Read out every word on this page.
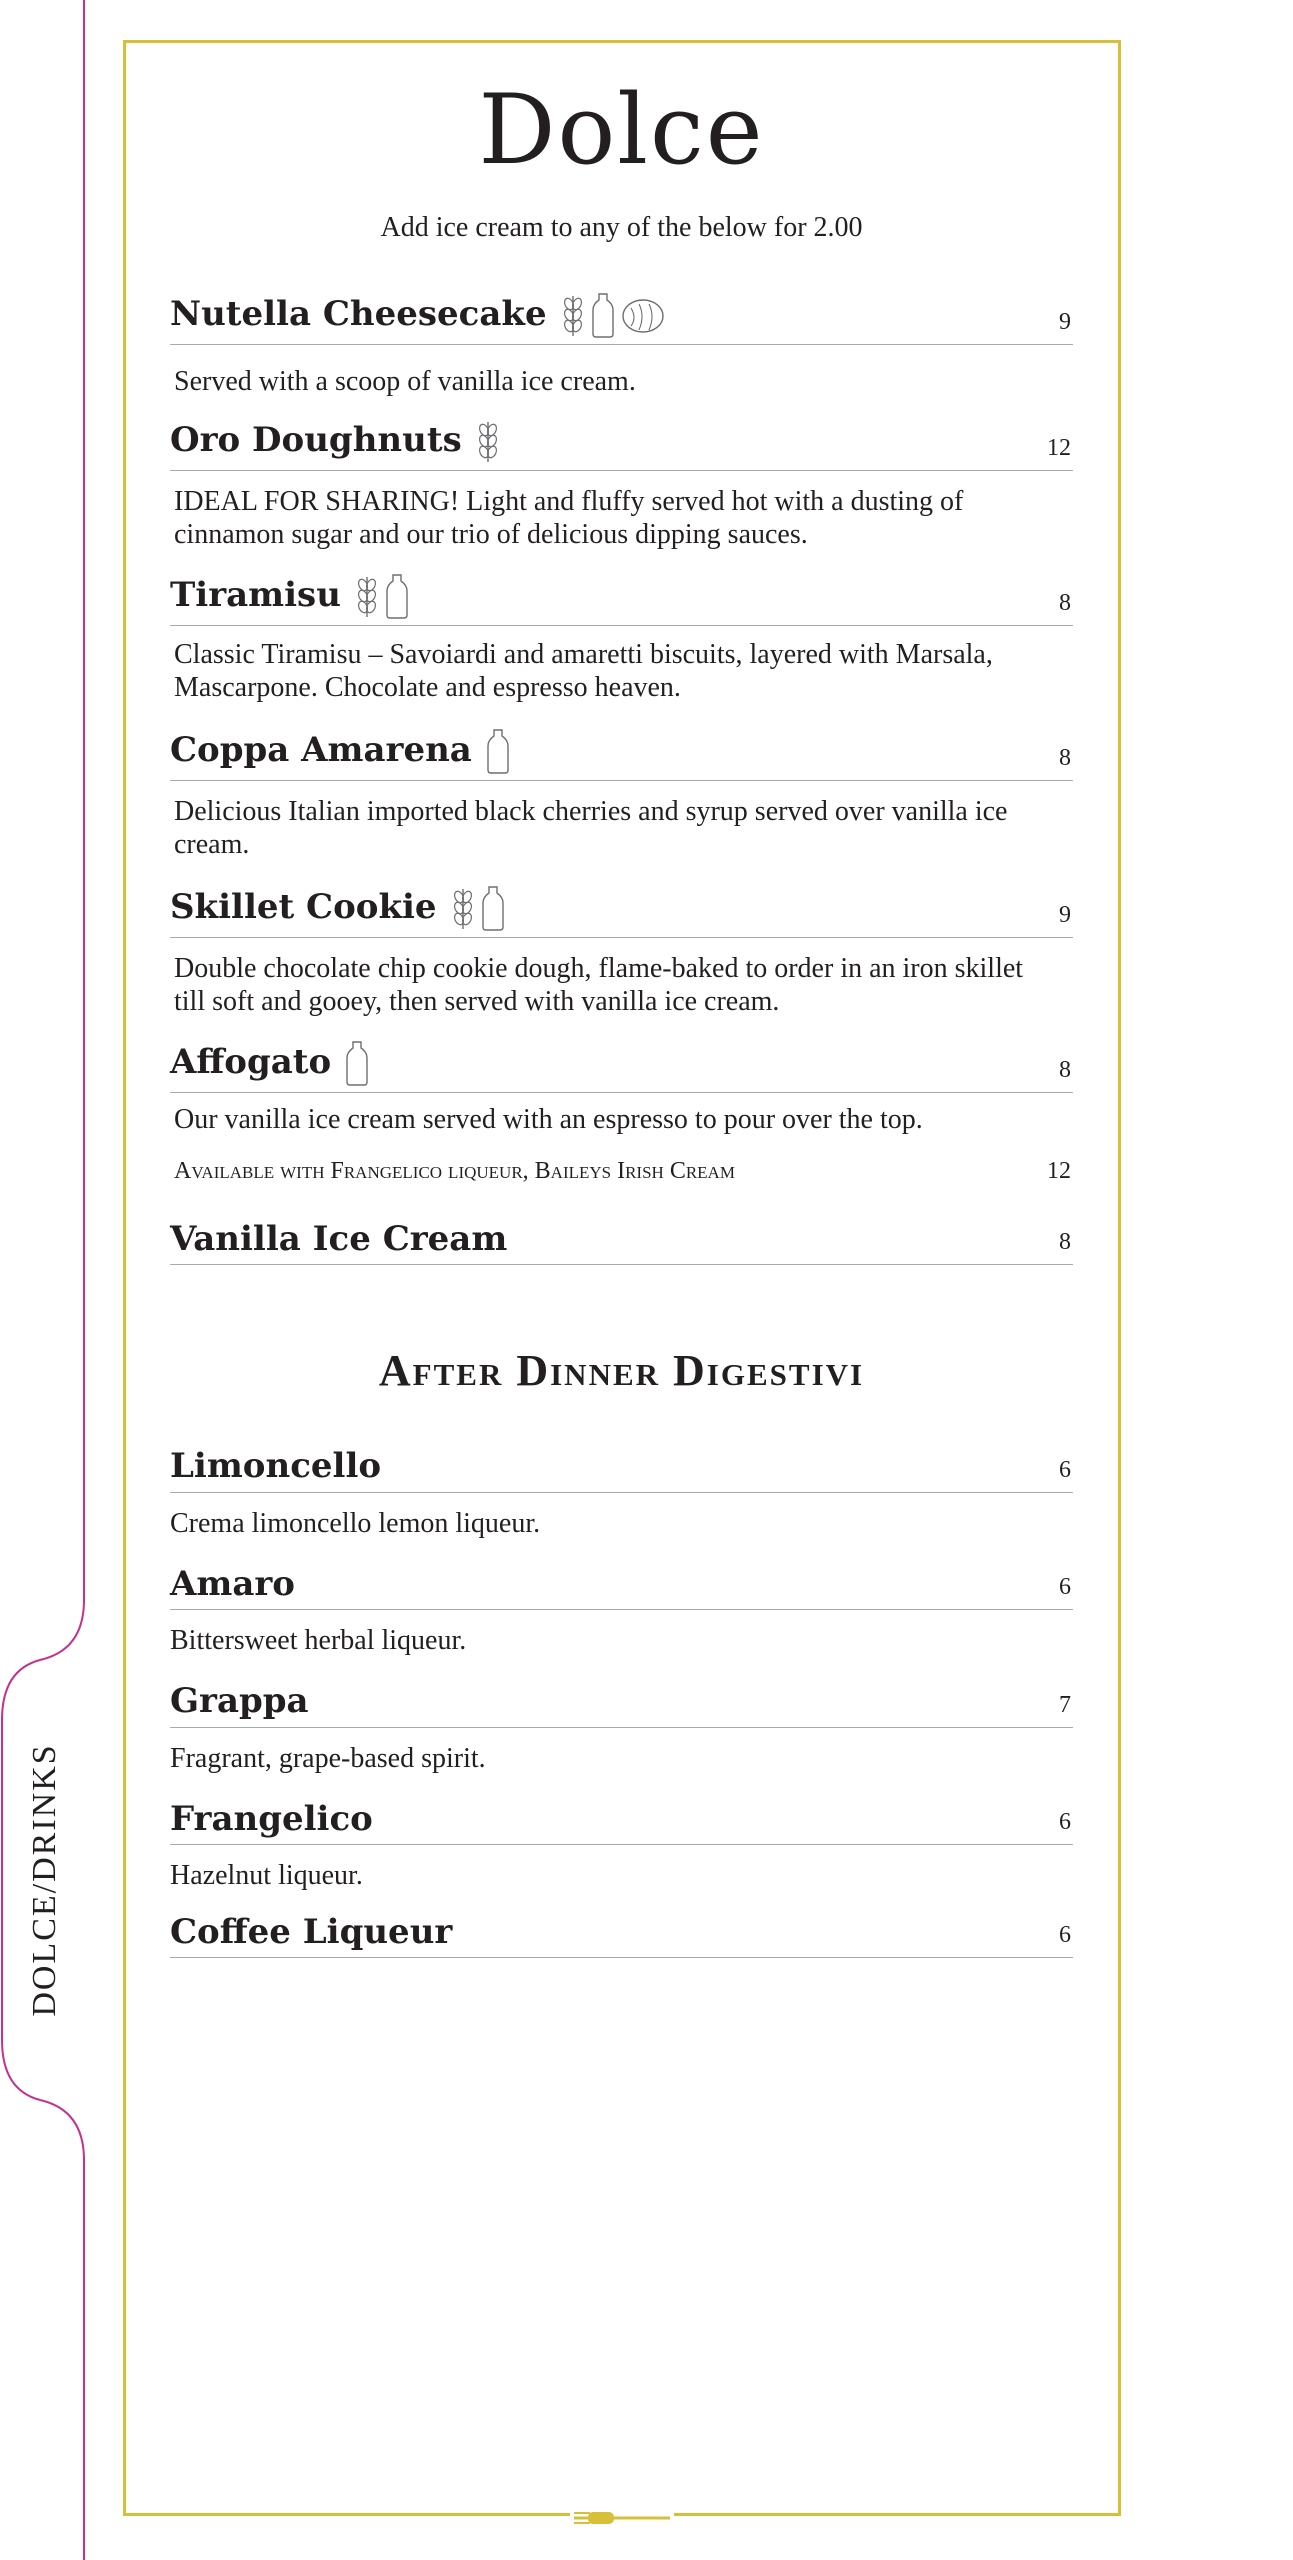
DOLCE/DRINKS
Dolce
Add ice cream to any of the below for 2.00
Nutella Cheesecake	9
Served with a scoop of vanilla ice cream.
Oro Doughnuts	12
IDEAL FOR SHARING! Light and fluffy served hot with a dusting of cinnamon sugar and our trio of delicious dipping sauces.
Tiramisu	8
Classic Tiramisu – Savoiardi and amaretti biscuits, layered with Marsala, Mascarpone. Chocolate and espresso heaven.
Coppa Amarena	8
Delicious Italian imported black cherries and syrup served over vanilla ice cream.
Skillet Cookie	9
Double chocolate chip cookie dough, flame-baked to order in an iron skillet till soft and gooey, then served with vanilla ice cream.
Affogato	8
Our vanilla ice cream served with an espresso to pour over the top.
Available with Frangelico liqueur, Baileys Irish Cream	12
Vanilla Ice Cream	8
After Dinner Digestivi
Limoncello	6
Crema limoncello lemon liqueur.
Amaro	6
Bittersweet herbal liqueur.
Grappa	7
Fragrant, grape-based spirit.
Frangelico	6
Hazelnut liqueur.
Coffee Liqueur	6
